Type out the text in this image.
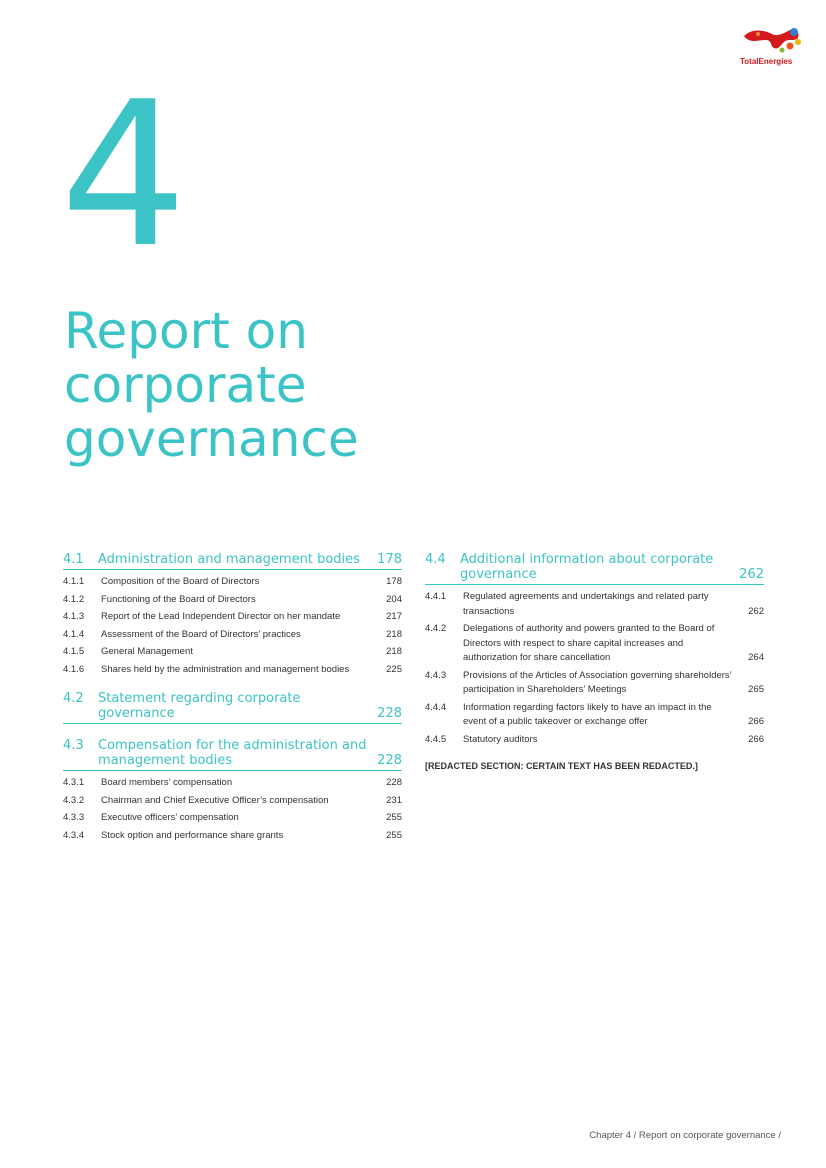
TotalEnergies
4
Report on corporate governance
4.1	Administration and management bodies	178
4.1.1	Composition of the Board of Directors	178
4.1.2	Functioning of the Board of Directors	204
4.1.3	Report of the Lead Independent Director on her mandate	217
4.1.4	Assessment of the Board of Directors’ practices	218
4.1.5	General Management	218
4.1.6	Shares held by the administration and management bodies	225
4.2	Statement regarding corporate governance	228
4.3	Compensation for the administration and management bodies	228
4.3.1	Board members’ compensation	228
4.3.2	Chairman and Chief Executive Officer’s compensation	231
4.3.3	Executive officers’ compensation	255
4.3.4	Stock option and performance share grants	255
4.4	Additional information about corporate governance	262
4.4.1	Regulated agreements and undertakings and related party transactions	262
4.4.2	Delegations of authority and powers granted to the Board of Directors with respect to share capital increases and authorization for share cancellation	264
4.4.3	Provisions of the Articles of Association governing shareholders’ participation in Shareholders’ Meetings	265
4.4.4	Information regarding factors likely to have an impact in the event of a public takeover or exchange offer	266
4.4.5	Statutory auditors	266
[REDACTED SECTION: CERTAIN TEXT HAS BEEN REDACTED.]
Chapter 4 / Report on corporate governance /
